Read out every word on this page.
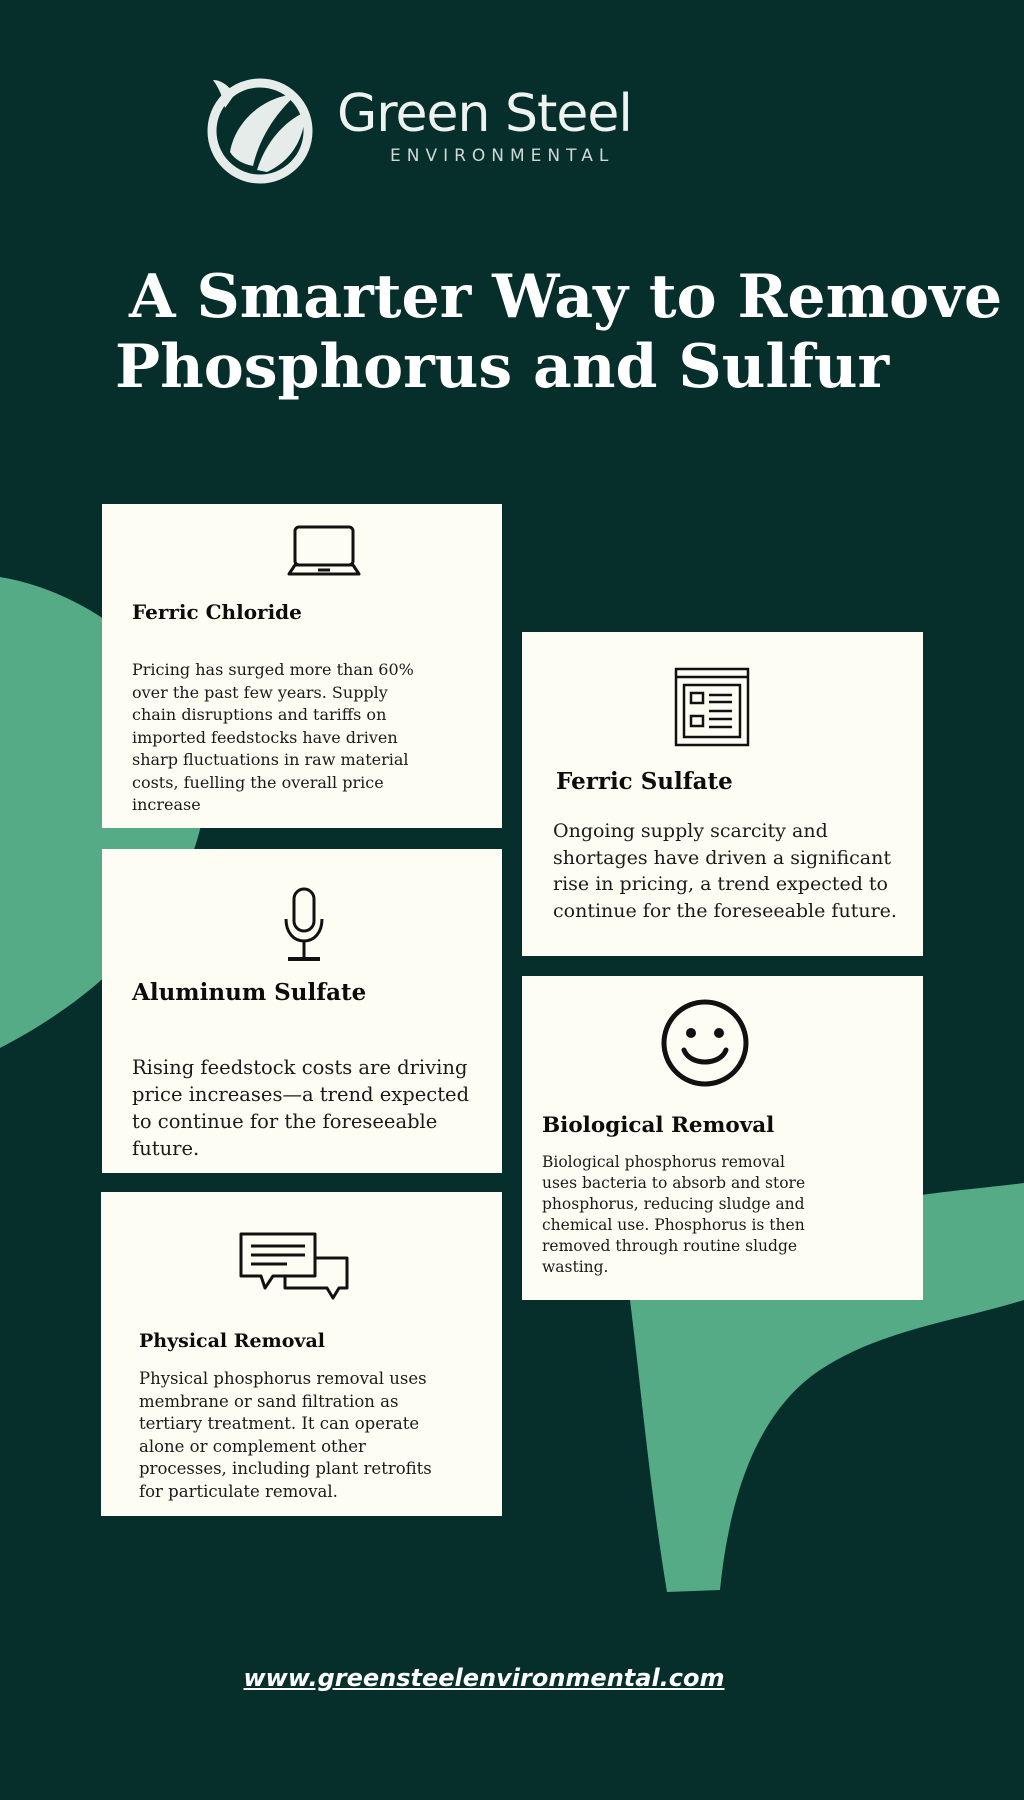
Green Steel
ENVIRONMENTAL
A Smarter Way to Remove
Phosphorus and Sulfur
Ferric Chloride

Pricing has surged more than 60% over the past few years. Supply chain disruptions and tariffs on imported feedstocks have driven sharp fluctuations in raw material costs, fuelling the overall price increase

Aluminum Sulfate

Rising feedstock costs are driving price increases—a trend expected to continue for the foreseeable future.

Physical Removal

Physical phosphorus removal uses membrane or sand filtration as tertiary treatment. It can operate alone or complement other processes, including plant retrofits for particulate removal.

Ferric Sulfate

Ongoing supply scarcity and shortages have driven a significant rise in pricing, a trend expected to continue for the foreseeable future.

Biological Removal

Biological phosphorus removal uses bacteria to absorb and store phosphorus, reducing sludge and chemical use. Phosphorus is then removed through routine sludge wasting.

www.greensteelenvironmental.com
